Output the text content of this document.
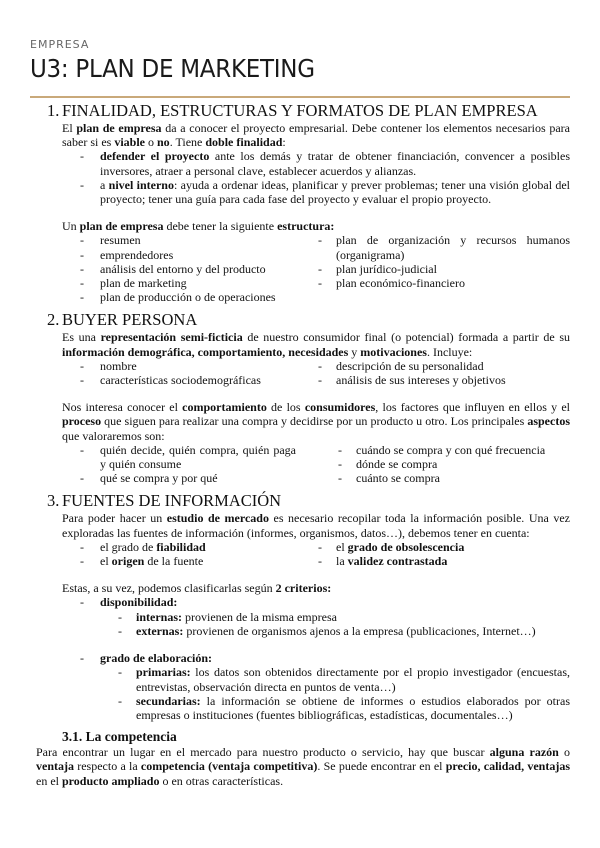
EMPRESA
U3: PLAN DE MARKETING
1. FINALIDAD, ESTRUCTURAS Y FORMATOS DE PLAN EMPRESA

El plan de empresa da a conocer el proyecto empresarial. Debe contener los elementos necesarios para saber si es viable o no. Tiene doble finalidad:

- defender el proyecto ante los demás y tratar de obtener financiación, convencer a posibles inversores, atraer a personal clave, establecer acuerdos y alianzas.
- a nivel interno: ayuda a ordenar ideas, planificar y prever problemas; tener una visión global del proyecto; tener una guía para cada fase del proyecto y evaluar el propio proyecto.

Un plan de empresa debe tener la siguiente estructura:

- resumen
- emprendedores
- análisis del entorno y del producto
- plan de marketing
- plan de producción o de operaciones
- plan de organización y recursos humanos (organigrama)
- plan jurídico-judicial
- plan económico-financiero
2. BUYER PERSONA

Es una representación semi-ficticia de nuestro consumidor final (o potencial) formada a partir de su información demográfica, comportamiento, necesidades y motivaciones. Incluye:

- nombre
- características sociodemográficas
- descripción de su personalidad
- análisis de sus intereses y objetivos

Nos interesa conocer el comportamiento de los consumidores, los factores que influyen en ellos y el proceso que siguen para realizar una compra y decidirse por un producto u otro. Los principales aspectos que valoraremos son:

- quién decide, quién compra, quién paga y quién consume
- qué se compra y por qué
- cuándo se compra y con qué frecuencia
- dónde se compra
- cuánto se compra
3. FUENTES DE INFORMACIÓN

Para poder hacer un estudio de mercado es necesario recopilar toda la información posible. Una vez exploradas las fuentes de información (informes, organismos, datos…), debemos tener en cuenta:

- el grado de fiabilidad
- el origen de la fuente
- el grado de obsolescencia
- la validez contrastada

Estas, a su vez, podemos clasificarlas según 2 criterios:

- disponibilidad:
- internas: provienen de la misma empresa
- externas: provienen de organismos ajenos a la empresa (publicaciones, Internet…)
- grado de elaboración:
- primarias: los datos son obtenidos directamente por el propio investigador (encuestas, entrevistas, observación directa en puntos de venta…)
- secundarias: la información se obtiene de informes o estudios elaborados por otras empresas o instituciones (fuentes bibliográficas, estadísticas, documentales…)
3.1. La competencia

Para encontrar un lugar en el mercado para nuestro producto o servicio, hay que buscar alguna razón o ventaja respecto a la competencia (ventaja competitiva). Se puede encontrar en el precio, calidad, ventajas en el producto ampliado o en otras características.
